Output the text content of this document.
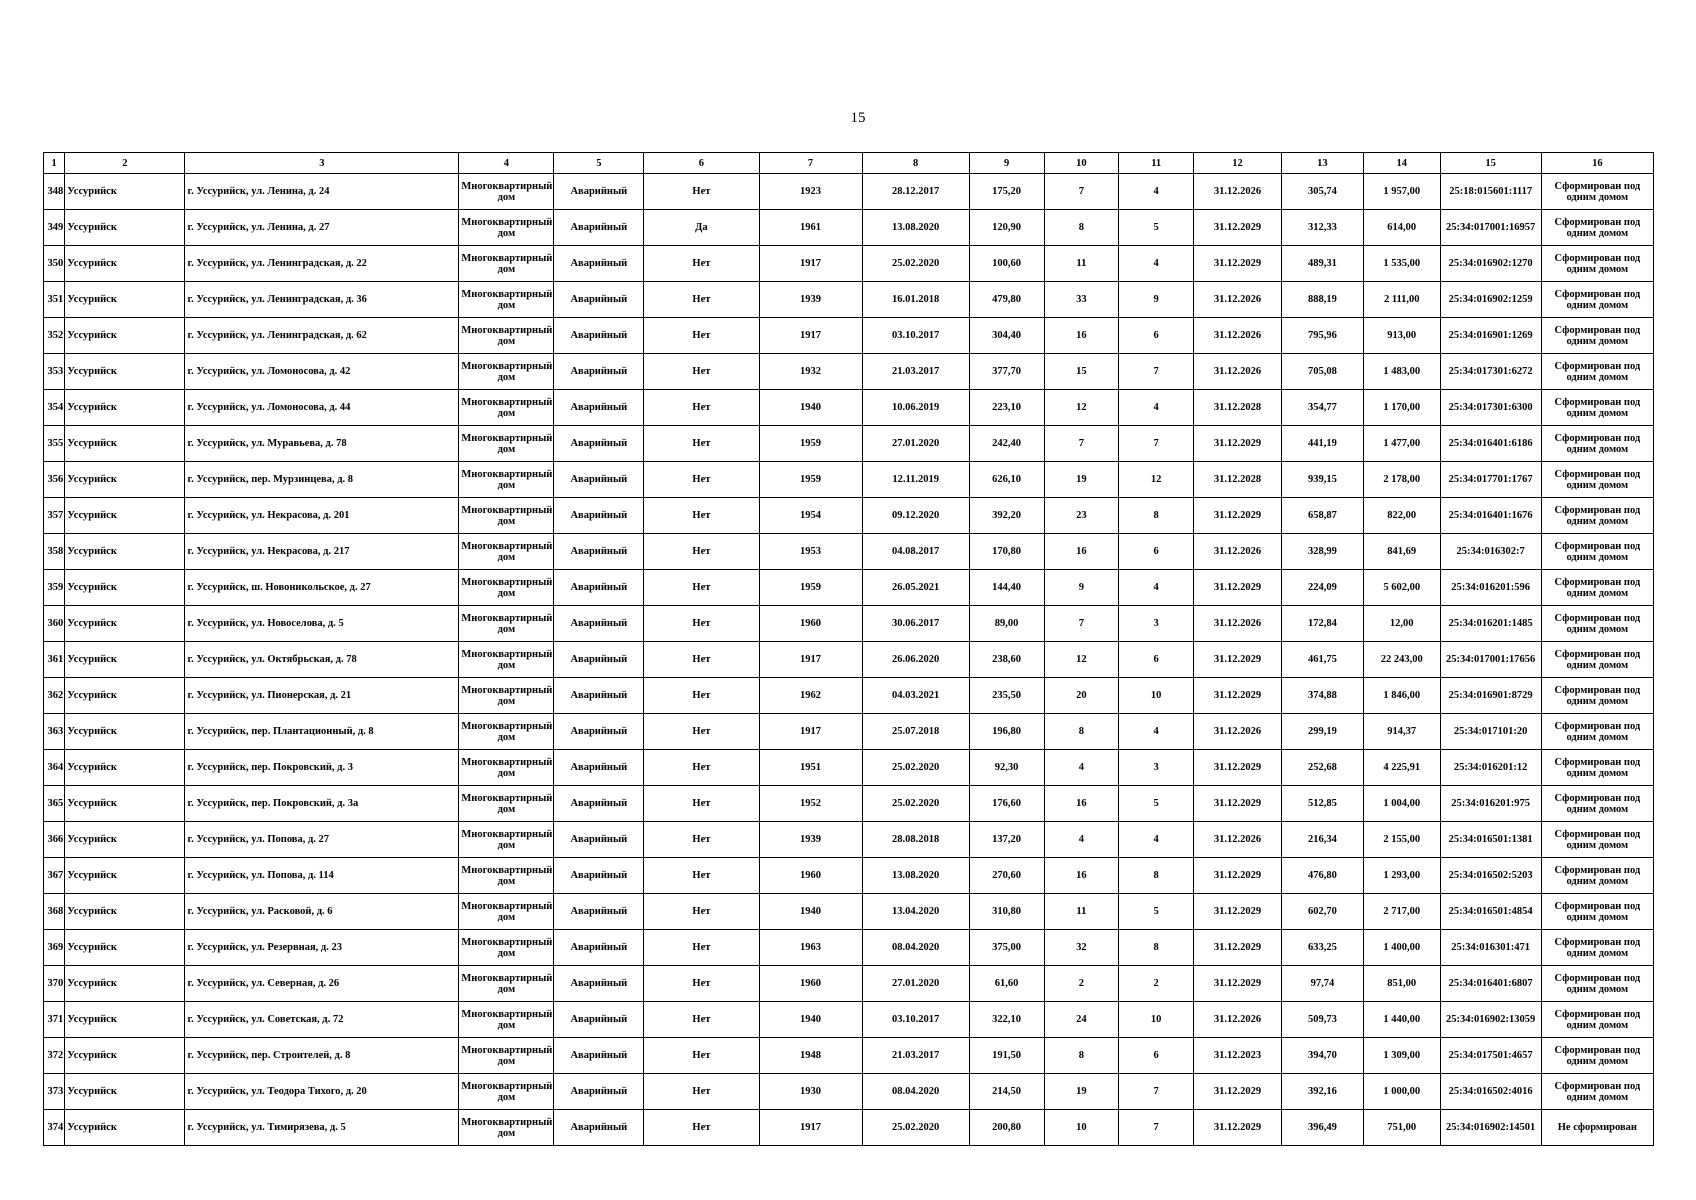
15
1	2	3	4	5	6	7	8	9	10	11	12	13	14	15	16
348	Уссурийск	г. Уссурийск, ул. Ленина, д. 24	Многоквартирный дом	Аварийный	Нет	1923	28.12.2017	175,20	7	4	31.12.2026	305,74	1 957,00	25:18:015601:1117	Сформирован под одним домом
349	Уссурийск	г. Уссурийск, ул. Ленина, д. 27	Многоквартирный дом	Аварийный	Да	1961	13.08.2020	120,90	8	5	31.12.2029	312,33	614,00	25:34:017001:16957	Сформирован под одним домом
350	Уссурийск	г. Уссурийск, ул. Ленинградская, д. 22	Многоквартирный дом	Аварийный	Нет	1917	25.02.2020	100,60	11	4	31.12.2029	489,31	1 535,00	25:34:016902:1270	Сформирован под одним домом
351	Уссурийск	г. Уссурийск, ул. Ленинградская, д. 36	Многоквартирный дом	Аварийный	Нет	1939	16.01.2018	479,80	33	9	31.12.2026	888,19	2 111,00	25:34:016902:1259	Сформирован под одним домом
352	Уссурийск	г. Уссурийск, ул. Ленинградская, д. 62	Многоквартирный дом	Аварийный	Нет	1917	03.10.2017	304,40	16	6	31.12.2026	795,96	913,00	25:34:016901:1269	Сформирован под одним домом
353	Уссурийск	г. Уссурийск, ул. Ломоносова, д. 42	Многоквартирный дом	Аварийный	Нет	1932	21.03.2017	377,70	15	7	31.12.2026	705,08	1 483,00	25:34:017301:6272	Сформирован под одним домом
354	Уссурийск	г. Уссурийск, ул. Ломоносова, д. 44	Многоквартирный дом	Аварийный	Нет	1940	10.06.2019	223,10	12	4	31.12.2028	354,77	1 170,00	25:34:017301:6300	Сформирован под одним домом
355	Уссурийск	г. Уссурийск, ул. Муравьева, д. 78	Многоквартирный дом	Аварийный	Нет	1959	27.01.2020	242,40	7	7	31.12.2029	441,19	1 477,00	25:34:016401:6186	Сформирован под одним домом
356	Уссурийск	г. Уссурийск, пер. Мурзинцева, д. 8	Многоквартирный дом	Аварийный	Нет	1959	12.11.2019	626,10	19	12	31.12.2028	939,15	2 178,00	25:34:017701:1767	Сформирован под одним домом
357	Уссурийск	г. Уссурийск, ул. Некрасова, д. 201	Многоквартирный дом	Аварийный	Нет	1954	09.12.2020	392,20	23	8	31.12.2029	658,87	822,00	25:34:016401:1676	Сформирован под одним домом
358	Уссурийск	г. Уссурийск, ул. Некрасова, д. 217	Многоквартирный дом	Аварийный	Нет	1953	04.08.2017	170,80	16	6	31.12.2026	328,99	841,69	25:34:016302:7	Сформирован под одним домом
359	Уссурийск	г. Уссурийск, ш. Новоникольское, д. 27	Многоквартирный дом	Аварийный	Нет	1959	26.05.2021	144,40	9	4	31.12.2029	224,09	5 602,00	25:34:016201:596	Сформирован под одним домом
360	Уссурийск	г. Уссурийск, ул. Новоселова, д. 5	Многоквартирный дом	Аварийный	Нет	1960	30.06.2017	89,00	7	3	31.12.2026	172,84	12,00	25:34:016201:1485	Сформирован под одним домом
361	Уссурийск	г. Уссурийск, ул. Октябрьская, д. 78	Многоквартирный дом	Аварийный	Нет	1917	26.06.2020	238,60	12	6	31.12.2029	461,75	22 243,00	25:34:017001:17656	Сформирован под одним домом
362	Уссурийск	г. Уссурийск, ул. Пионерская, д. 21	Многоквартирный дом	Аварийный	Нет	1962	04.03.2021	235,50	20	10	31.12.2029	374,88	1 846,00	25:34:016901:8729	Сформирован под одним домом
363	Уссурийск	г. Уссурийск, пер. Плантационный, д. 8	Многоквартирный дом	Аварийный	Нет	1917	25.07.2018	196,80	8	4	31.12.2026	299,19	914,37	25:34:017101:20	Сформирован под одним домом
364	Уссурийск	г. Уссурийск, пер. Покровский, д. 3	Многоквартирный дом	Аварийный	Нет	1951	25.02.2020	92,30	4	3	31.12.2029	252,68	4 225,91	25:34:016201:12	Сформирован под одним домом
365	Уссурийск	г. Уссурийск, пер. Покровский, д. 3а	Многоквартирный дом	Аварийный	Нет	1952	25.02.2020	176,60	16	5	31.12.2029	512,85	1 004,00	25:34:016201:975	Сформирован под одним домом
366	Уссурийск	г. Уссурийск, ул. Попова, д. 27	Многоквартирный дом	Аварийный	Нет	1939	28.08.2018	137,20	4	4	31.12.2026	216,34	2 155,00	25:34:016501:1381	Сформирован под одним домом
367	Уссурийск	г. Уссурийск, ул. Попова, д. 114	Многоквартирный дом	Аварийный	Нет	1960	13.08.2020	270,60	16	8	31.12.2029	476,80	1 293,00	25:34:016502:5203	Сформирован под одним домом
368	Уссурийск	г. Уссурийск, ул. Расковой, д. 6	Многоквартирный дом	Аварийный	Нет	1940	13.04.2020	310,80	11	5	31.12.2029	602,70	2 717,00	25:34:016501:4854	Сформирован под одним домом
369	Уссурийск	г. Уссурийск, ул. Резервная, д. 23	Многоквартирный дом	Аварийный	Нет	1963	08.04.2020	375,00	32	8	31.12.2029	633,25	1 400,00	25:34:016301:471	Сформирован под одним домом
370	Уссурийск	г. Уссурийск, ул. Северная, д. 26	Многоквартирный дом	Аварийный	Нет	1960	27.01.2020	61,60	2	2	31.12.2029	97,74	851,00	25:34:016401:6807	Сформирован под одним домом
371	Уссурийск	г. Уссурийск, ул. Советская, д. 72	Многоквартирный дом	Аварийный	Нет	1940	03.10.2017	322,10	24	10	31.12.2026	509,73	1 440,00	25:34:016902:13059	Сформирован под одним домом
372	Уссурийск	г. Уссурийск, пер. Строителей, д. 8	Многоквартирный дом	Аварийный	Нет	1948	21.03.2017	191,50	8	6	31.12.2023	394,70	1 309,00	25:34:017501:4657	Сформирован под одним домом
373	Уссурийск	г. Уссурийск, ул. Теодора Тихого, д. 20	Многоквартирный дом	Аварийный	Нет	1930	08.04.2020	214,50	19	7	31.12.2029	392,16	1 000,00	25:34:016502:4016	Сформирован под одним домом
374	Уссурийск	г. Уссурийск, ул. Тимирязева, д. 5	Многоквартирный дом	Аварийный	Нет	1917	25.02.2020	200,80	10	7	31.12.2029	396,49	751,00	25:34:016902:14501	Не сформирован
